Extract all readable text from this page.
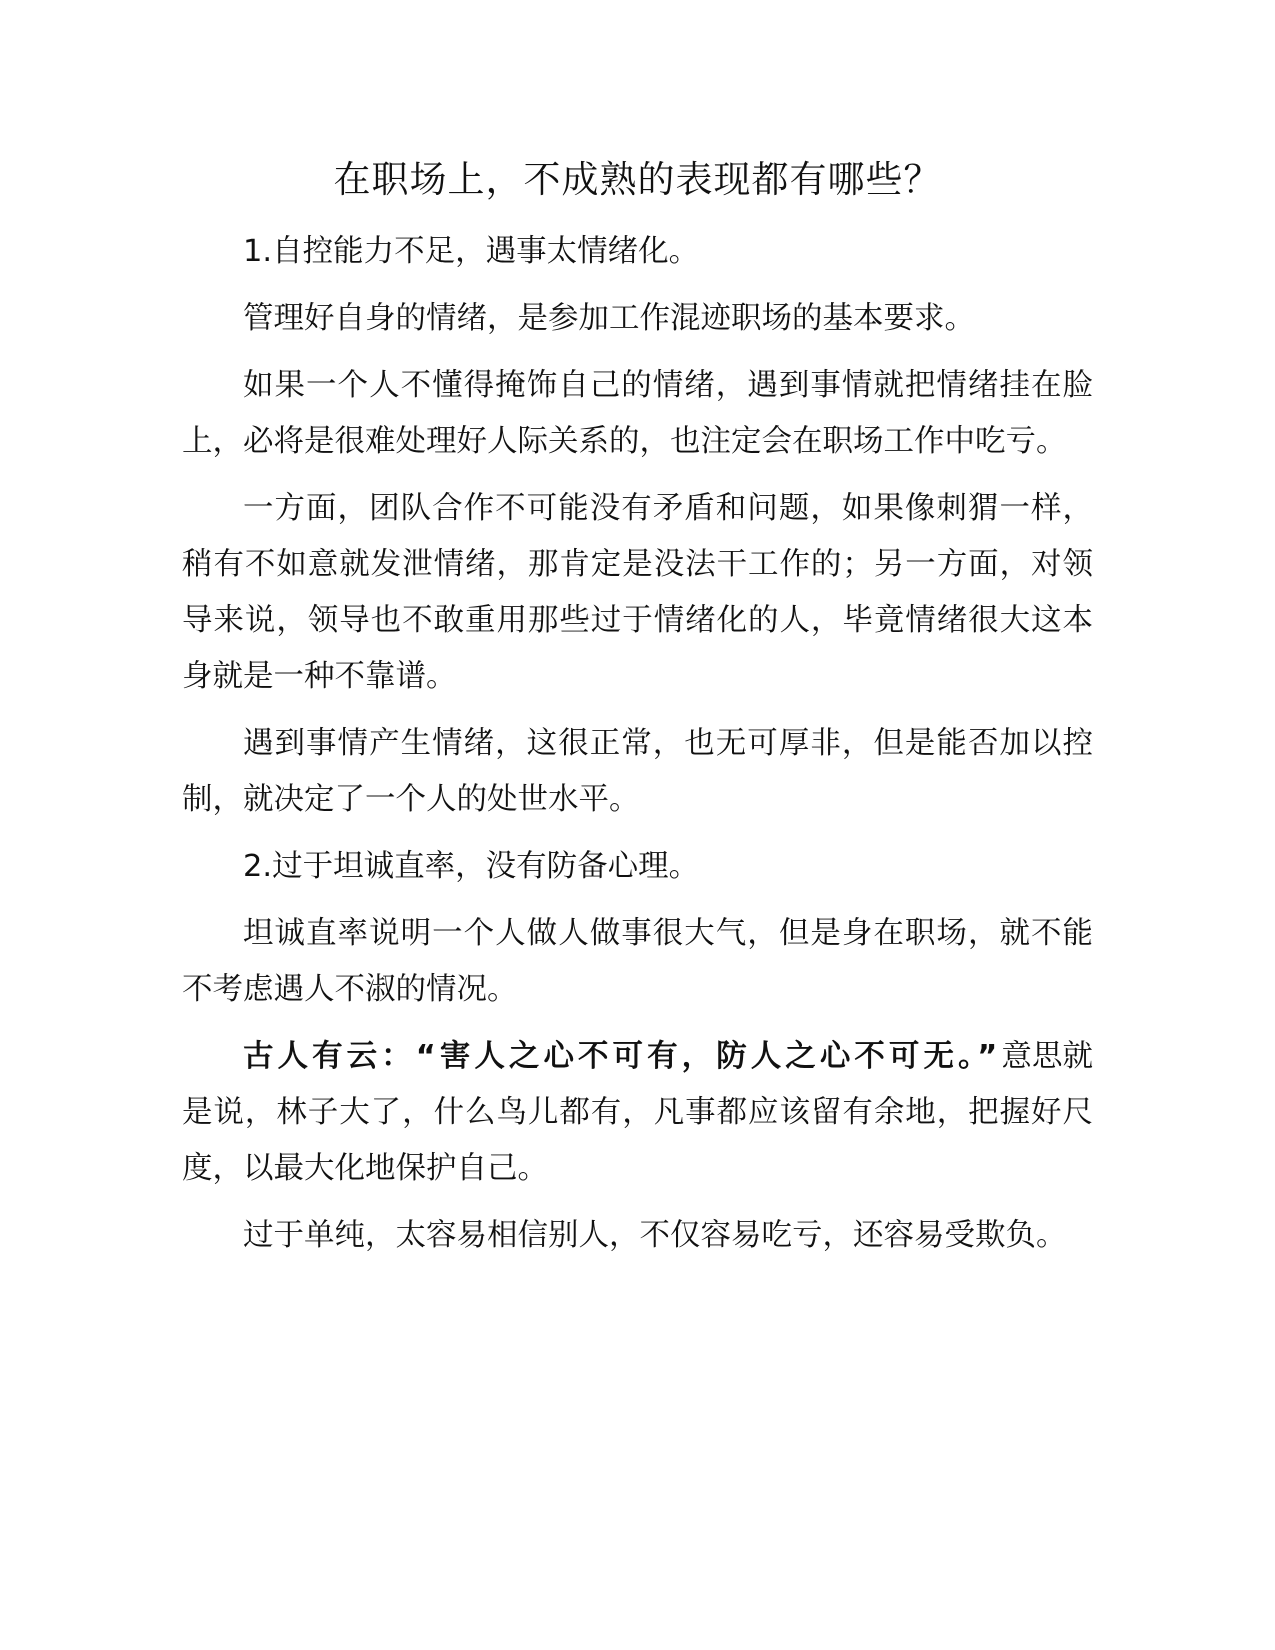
在职场上，不成熟的表现都有哪些？

1.自控能力不足，遇事太情绪化。

管理好自身的情绪，是参加工作混迹职场的基本要求。

如果一个人不懂得掩饰自己的情绪，遇到事情就把情绪挂在脸上，必将是很难处理好人际关系的，也注定会在职场工作中吃亏。

一方面，团队合作不可能没有矛盾和问题，如果像刺猬一样，稍有不如意就发泄情绪，那肯定是没法干工作的；另一方面，对领导来说，领导也不敢重用那些过于情绪化的人，毕竟情绪很大这本身就是一种不靠谱。

遇到事情产生情绪，这很正常，也无可厚非，但是能否加以控制，就决定了一个人的处世水平。

2.过于坦诚直率，没有防备心理。

坦诚直率说明一个人做人做事很大气，但是身在职场，就不能不考虑遇人不淑的情况。

古人有云：“害人之心不可有，防人之心不可无。”意思就是说，林子大了，什么鸟儿都有，凡事都应该留有余地，把握好尺度，以最大化地保护自己。

过于单纯，太容易相信别人，不仅容易吃亏，还容易受欺负。
